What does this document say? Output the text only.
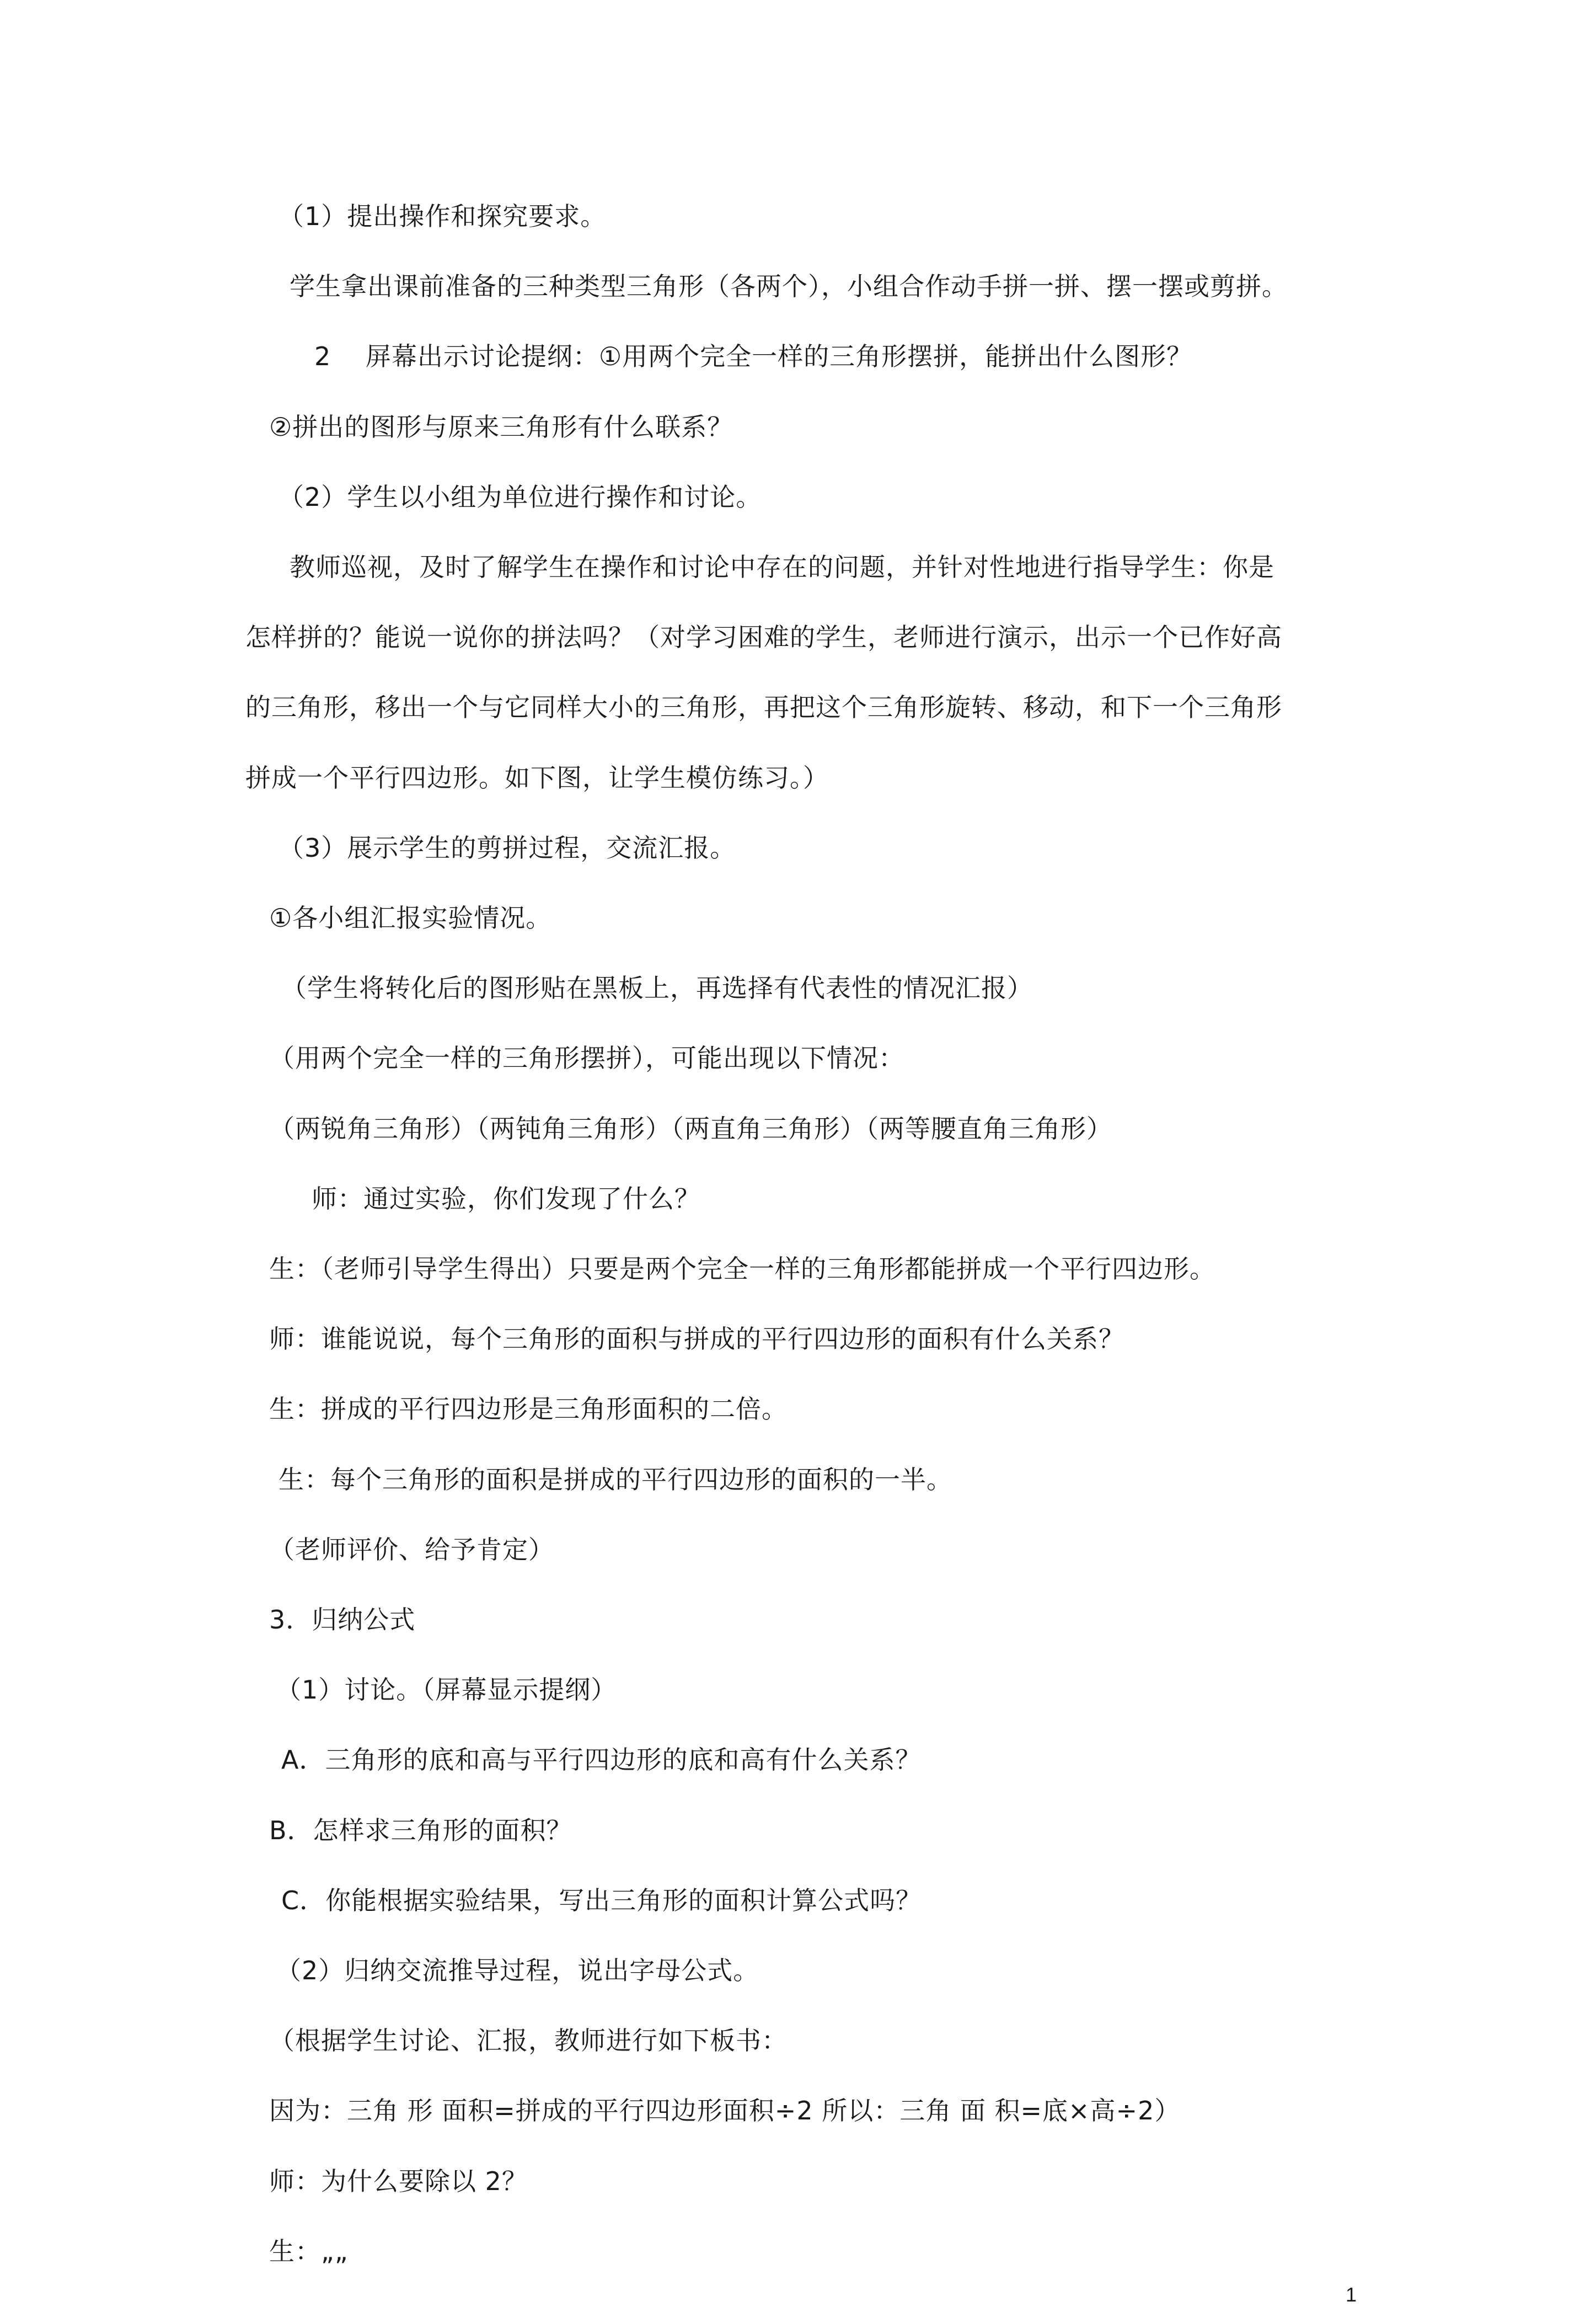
（1）提出操作和探究要求。
学生拿出课前准备的三种类型三角形（各两个），小组合作动手拼一拼、摆一摆或剪拼。
2　 屏幕出示讨论提纲：①用两个完全一样的三角形摆拼，能拼出什么图形？
②拼出的图形与原来三角形有什么联系？
（2）学生以小组为单位进行操作和讨论。
教师巡视，及时了解学生在操作和讨论中存在的问题，并针对性地进行指导学生：你是
怎样拼的？能说一说你的拼法吗？（对学习困难的学生，老师进行演示，出示一个已作好高
的三角形，移出一个与它同样大小的三角形，再把这个三角形旋转、移动，和下一个三角形
拼成一个平行四边形。如下图，让学生模仿练习。）
（3）展示学生的剪拼过程，交流汇报。
①各小组汇报实验情况。
（学生将转化后的图形贴在黑板上，再选择有代表性的情况汇报）
（用两个完全一样的三角形摆拼），可能出现以下情况：
（两锐角三角形）（两钝角三角形）（两直角三角形）（两等腰直角三角形）
师：通过实验，你们发现了什么？
生：（老师引导学生得出）只要是两个完全一样的三角形都能拼成一个平行四边形。
师：谁能说说，每个三角形的面积与拼成的平行四边形的面积有什么关系？
生：拼成的平行四边形是三角形面积的二倍。
生：每个三角形的面积是拼成的平行四边形的面积的一半。
（老师评价、给予肯定）
3．归纳公式
（1）讨论。（屏幕显示提纲）
A．三角形的底和高与平行四边形的底和高有什么关系？
B．怎样求三角形的面积？
C．你能根据实验结果，写出三角形的面积计算公式吗？
（2）归纳交流推导过程，说出字母公式。
（根据学生讨论、汇报，教师进行如下板书：
因为：三角 形 面积=拼成的平行四边形面积÷2 所以：三角 面 积=底×高÷2）
师：为什么要除以 2？
生：„„
1
